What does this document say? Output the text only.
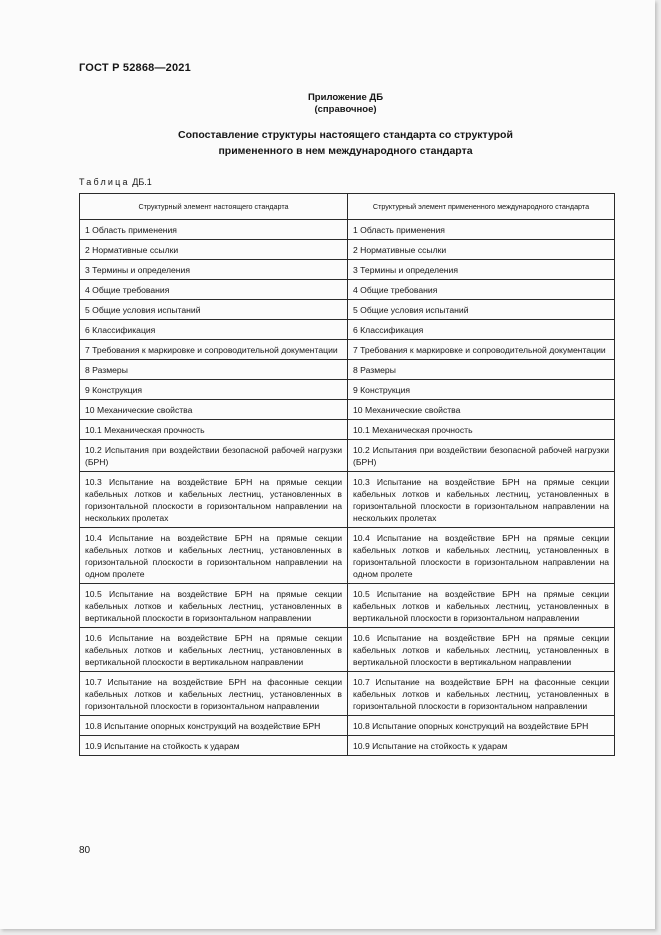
ГОСТ Р 52868—2021
Приложение ДБ
(справочное)
Сопоставление структуры настоящего стандарта со структурой
примененного в нем международного стандарта
Таблица ДБ.1
Структурный элемент настоящего стандарта	Структурный элемент примененного международного стандарта
1 Область применения	1 Область применения
2 Нормативные ссылки	2 Нормативные ссылки
3 Термины и определения	3 Термины и определения
4 Общие требования	4 Общие требования
5 Общие условия испытаний	5 Общие условия испытаний
6 Классификация	6 Классификация
7 Требования к маркировке и сопроводительной документации	7 Требования к маркировке и сопроводительной документации
8 Размеры	8 Размеры
9 Конструкция	9 Конструкция
10 Механические свойства	10 Механические свойства
10.1 Механическая прочность	10.1 Механическая прочность
10.2 Испытания при воздействии безопасной рабочей нагрузки (БРН)	10.2 Испытания при воздействии безопасной рабочей нагрузки (БРН)
10.3 Испытание на воздействие БРН на прямые секции кабельных лотков и кабельных лестниц, установленных в горизонтальной плоскости в горизонтальном направлении на нескольких пролетах	10.3 Испытание на воздействие БРН на прямые секции кабельных лотков и кабельных лестниц, установленных в горизонтальной плоскости в горизонтальном направлении на нескольких пролетах
10.4 Испытание на воздействие БРН на прямые секции кабельных лотков и кабельных лестниц, установленных в горизонтальной плоскости в горизонтальном направлении на одном пролете	10.4 Испытание на воздействие БРН на прямые секции кабельных лотков и кабельных лестниц, установленных в горизонтальной плоскости в горизонтальном направлении на одном пролете
10.5 Испытание на воздействие БРН на прямые секции кабельных лотков и кабельных лестниц, установленных в вертикальной плоскости в горизонтальном направлении	10.5 Испытание на воздействие БРН на прямые секции кабельных лотков и кабельных лестниц, установленных в вертикальной плоскости в горизонтальном направлении
10.6 Испытание на воздействие БРН на прямые секции кабельных лотков и кабельных лестниц, установленных в вертикальной плоскости в вертикальном направлении	10.6 Испытание на воздействие БРН на прямые секции кабельных лотков и кабельных лестниц, установленных в вертикальной плоскости в вертикальном направлении
10.7 Испытание на воздействие БРН на фасонные секции кабельных лотков и кабельных лестниц, установленных в горизонтальной плоскости в горизонтальном направлении	10.7 Испытание на воздействие БРН на фасонные секции кабельных лотков и кабельных лестниц, установленных в горизонтальной плоскости в горизонтальном направлении
10.8 Испытание опорных конструкций на воздействие БРН	10.8 Испытание опорных конструкций на воздействие БРН
10.9 Испытание на стойкость к ударам	10.9 Испытание на стойкость к ударам
80
